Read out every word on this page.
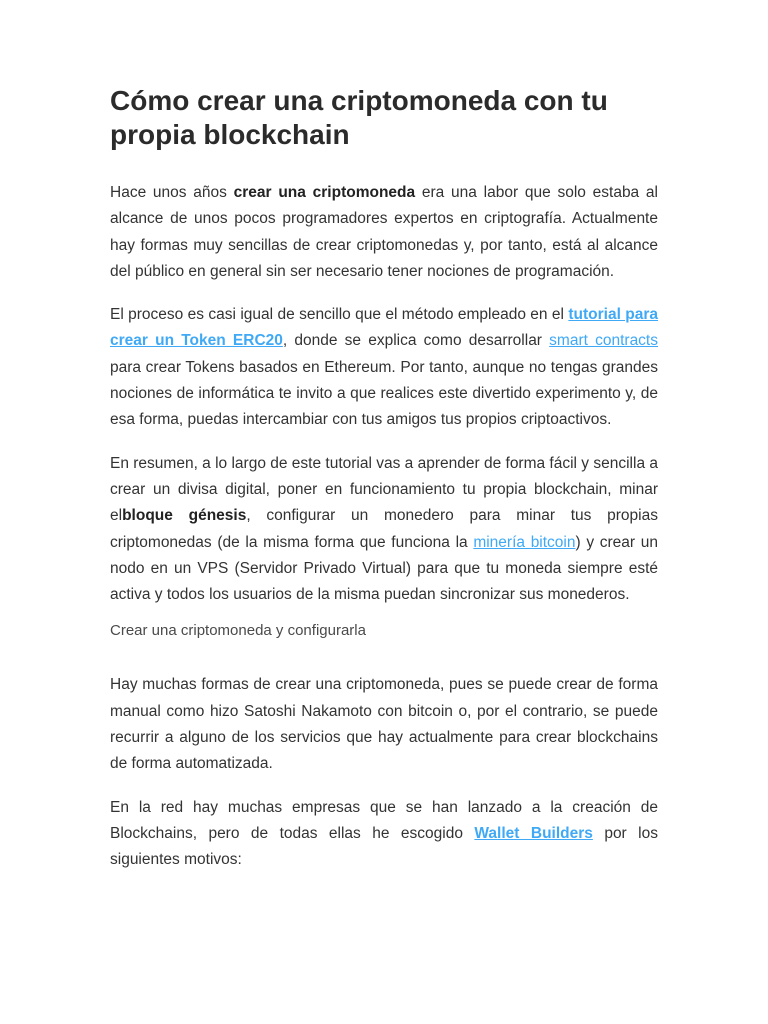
Cómo crear una criptomoneda con tu propia blockchain

Hace unos años crear una criptomoneda era una labor que solo estaba al alcance de unos pocos programadores expertos en criptografía. Actualmente hay formas muy sencillas de crear criptomonedas y, por tanto, está al alcance del público en general sin ser necesario tener nociones de programación.

El proceso es casi igual de sencillo que el método empleado en el tutorial para crear un Token ERC20, donde se explica como desarrollar smart contracts para crear Tokens basados en Ethereum. Por tanto, aunque no tengas grandes nociones de informática te invito a que realices este divertido experimento y, de esa forma, puedas intercambiar con tus amigos tus propios criptoactivos.

En resumen, a lo largo de este tutorial vas a aprender de forma fácil y sencilla a crear un divisa digital, poner en funcionamiento tu propia blockchain, minar elbloque génesis, configurar un monedero para minar tus propias criptomonedas (de la misma forma que funciona la minería bitcoin) y crear un nodo en un VPS (Servidor Privado Virtual) para que tu moneda siempre esté activa y todos los usuarios de la misma puedan sincronizar sus monederos.

Crear una criptomoneda y configurarla

Hay muchas formas de crear una criptomoneda, pues se puede crear de forma manual como hizo Satoshi Nakamoto con bitcoin o, por el contrario, se puede recurrir a alguno de los servicios que hay actualmente para crear blockchains de forma automatizada.

En la red hay muchas empresas que se han lanzado a la creación de Blockchains, pero de todas ellas he escogido Wallet Builders por los siguientes motivos:
